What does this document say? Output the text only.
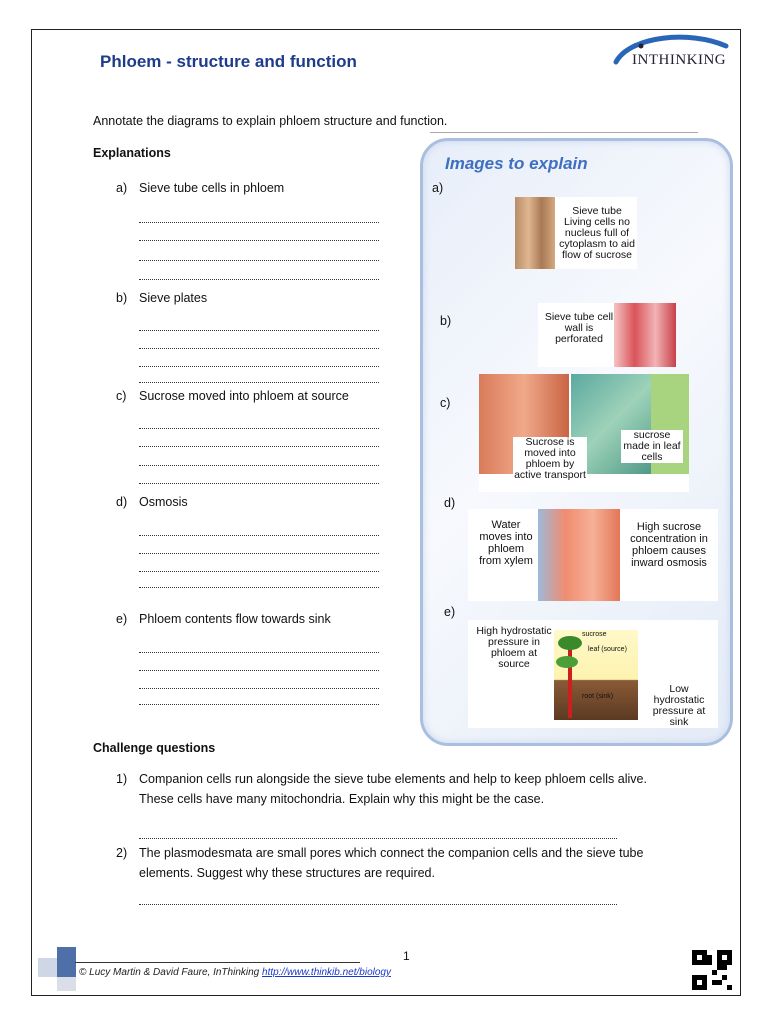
Phloem - structure and function	INTHINKING
Annotate the diagrams to explain phloem structure and function.
Explanations
a) Sieve tube cells in phloem
b) Sieve plates
c) Sucrose moved into phloem at source
d) Osmosis
e) Phloem contents flow towards sink
Images to explain
a)
Sieve tube Living cells no nucleus full of cytoplasm to aid flow of sucrose
b)	Sieve tube cell wall is perforated
c)
Sucrose is moved into phloem by active transport
sucrose made in leaf cells
d)
Water moves into phloem from xylem
High sucrose concentration in phloem causes inward osmosis
e)
High hydrostatic pressure in phloem at source
sucrose
leaf (source)
root (sink)
Low hydrostatic pressure at sink
Challenge questions
1) Companion cells run alongside the sieve tube elements and help to keep phloem cells alive. These cells have many mitochondria. Explain why this might be the case.
2) The plasmodesmata are small pores which connect the companion cells and the sieve tube elements. Suggest why these structures are required.
1
© Lucy Martin & David Faure, InThinking http://www.thinkib.net/biology
